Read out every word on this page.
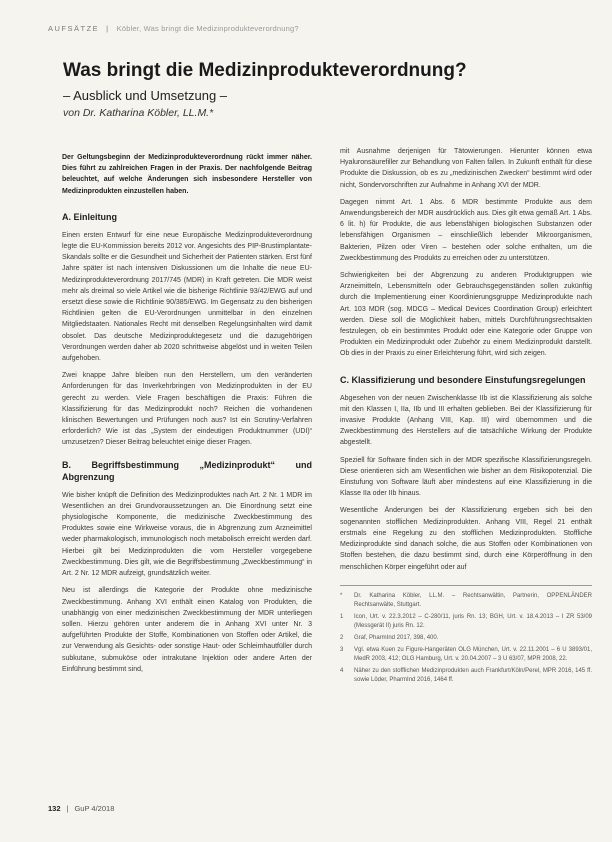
AUFSÄTZE | Köbler, Was bringt die Medizinprodukteverordnung?
Was bringt die Medizinprodukteverordnung?

– Ausblick und Umsetzung –

von Dr. Katharina Köbler, LL.M.*

Der Geltungsbeginn der Medizinprodukteverordnung rückt immer näher. Dies führt zu zahlreichen Fragen in der Praxis. Der nachfolgende Beitrag beleuchtet, auf welche Änderungen sich insbesondere Hersteller von Medizinprodukten einzustellen haben.

A. Einleitung

Einen ersten Entwurf für eine neue Europäische Medizinprodukteverordnung legte die EU-Kommission bereits 2012 vor. Angesichts des PIP-Brustimplantate-Skandals sollte er die Gesundheit und Sicherheit der Patienten stärken. Erst fünf Jahre später ist nach intensiven Diskussionen um die Inhalte die neue EU-Medizinprodukteverordnung 2017/745 (MDR) in Kraft getreten. Die MDR weist mehr als dreimal so viele Artikel wie die bisherige Richtlinie 93/42/EWG auf und ersetzt diese sowie die Richtlinie 90/385/EWG. Im Gegensatz zu den bisherigen Richtlinien gelten die EU-Verordnungen unmittelbar in den einzelnen Mitgliedstaaten. Nationales Recht mit denselben Regelungsinhalten wird damit obsolet. Das deutsche Medizinproduktegesetz und die dazugehörigen Verordnungen werden daher ab 2020 schrittweise abgelöst und in weiten Teilen aufgehoben.

Zwei knappe Jahre bleiben nun den Herstellern, um den veränderten Anforderungen für das Inverkehrbringen von Medizinprodukten in der EU gerecht zu werden. Viele Fragen beschäftigen die Praxis: Führen die Klassifizierung für das Medizinprodukt noch? Reichen die vorhandenen klinischen Bewertungen und Prüfungen noch aus? Ist ein Scrutiny-Verfahren erforderlich? Wie ist das „System der eindeutigen Produktnummer (UDI)“ umzusetzen? Dieser Beitrag beleuchtet einige dieser Fragen.

B. Begriffsbestimmung „Medizinprodukt“ und Abgrenzung

Wie bisher knüpft die Definition des Medizinproduktes nach Art. 2 Nr. 1 MDR im Wesentlichen an drei Grundvoraussetzungen an. Die Einordnung setzt eine physiologische Komponente, die medizinische Zweckbestimmung des Produktes sowie eine Wirkweise voraus, die in Abgrenzung zum Arzneimittel weder pharmakologisch, immunologisch noch metabolisch erreicht werden darf. Hierbei gilt bei Medizinprodukten die vom Hersteller vorgegebene Zweckbestimmung. Dies gilt, wie die Begriffsbestimmung „Zweckbestimmung“ in Art. 2 Nr. 12 MDR aufzeigt, grundsätzlich weiter.

Neu ist allerdings die Kategorie der Produkte ohne medizinische Zweckbestimmung. Anhang XVI enthält einen Katalog von Produkten, die unabhängig von einer medizinischen Zweckbestimmung der MDR unterliegen sollen. Hierzu gehören unter anderem die in Anhang XVI unter Nr. 3 aufgeführten Produkte der Stoffe, Kombinationen von Stoffen oder Artikel, die zur Verwendung als Gesichts- oder sonstige Haut- oder Schleimhautfüller durch subkutane, submuköse oder intrakutane Injektion oder andere Arten der Einführung bestimmt sind,

mit Ausnahme derjenigen für Tätowierungen. Hierunter können etwa Hyaluronsäurefiller zur Behandlung von Falten fallen. In Zukunft enthält für diese Produkte die Diskussion, ob es zu „medizinischen Zwecken“ bestimmt wird oder nicht, Sondervorschriften zur Aufnahme in Anhang XVI der MDR.

Dagegen nimmt Art. 1 Abs. 6 MDR bestimmte Produkte aus dem Anwendungsbereich der MDR ausdrücklich aus. Dies gilt etwa gemäß Art. 1 Abs. 6 lit. h) für Produkte, die aus lebensfähigen biologischen Substanzen oder lebensfähigen Organismen – einschließlich lebender Mikroorganismen, Bakterien, Pilzen oder Viren – bestehen oder solche enthalten, um die Zweckbestimmung des Produkts zu erreichen oder zu unterstützen.

Schwierigkeiten bei der Abgrenzung zu anderen Produktgruppen wie Arzneimitteln, Lebensmitteln oder Gebrauchsgegenständen sollen zukünftig durch die Implementierung einer Koordinierungsgruppe Medizinprodukte nach Art. 103 MDR (sog. MDCG – Medical Devices Coordination Group) erleichtert werden. Diese soll die Möglichkeit haben, mittels Durchführungsrechtsakten festzulegen, ob ein bestimmtes Produkt oder eine Kategorie oder Gruppe von Produkten ein Medizinprodukt oder Zubehör zu einem Medizinprodukt darstellt. Ob dies in der Praxis zu einer Erleichterung führt, wird sich zeigen.

C. Klassifizierung und besondere Einstufungsregelungen

Abgesehen von der neuen Zwischenklasse IIb ist die Klassifizierung als solche mit den Klassen I, IIa, IIb und III erhalten geblieben. Bei der Klassifizierung für invasive Produkte (Anhang VIII, Kap. III) wird übernommen und die Zweckbestimmung des Herstellers auf die tatsächliche Wirkung der Produkte abgestellt.

Speziell für Software finden sich in der MDR spezifische Klassifizierungsregeln. Diese orientieren sich am Wesentlichen wie bisher an dem Risikopotenzial. Die Einstufung von Software läuft aber mindestens auf eine Klassifizierung in die Klasse IIa oder IIb hinaus.

Wesentliche Änderungen bei der Klassifizierung ergeben sich bei den sogenannten stofflichen Medizinprodukten. Anhang VIII, Regel 21 enthält erstmals eine Regelung zu den stofflichen Medizinprodukten. Stoffliche Medizinprodukte sind danach solche, die aus Stoffen oder Kombinationen von Stoffen bestehen, die dazu bestimmt sind, durch eine Körperöffnung in den menschlichen Körper eingeführt oder auf

*	Dr. Katharina Köbler, LL.M. – Rechtsanwältin, Partnerin, OPPENLÄNDER Rechtsanwälte, Stuttgart.
1	Icon, Urt. v. 22.3.2012 – C-280/11, juris Rn. 13; BGH, Urt. v. 18.4.2013 – I ZR 53/09 (Messgerät II) juris Rn. 12.
2	Graf, PharmInd 2017, 398, 400.
3	Vgl. etwa Kuen zu Figure-Hangeräten OLG München, Urt. v. 22.11.2001 – 6 U 3893/01, MedR 2003, 412; OLG Hamburg, Urt. v. 20.04.2007 – 3 U 63/07, MPR 2008, 22.
4	Näher zu den stofflichen Medizinprodukten auch Frankfurt/Köln/Perel, MPR 2016, 145 ff. sowie Löder, PharmInd 2016, 1464 ff.
132 | GuP 4/2018
